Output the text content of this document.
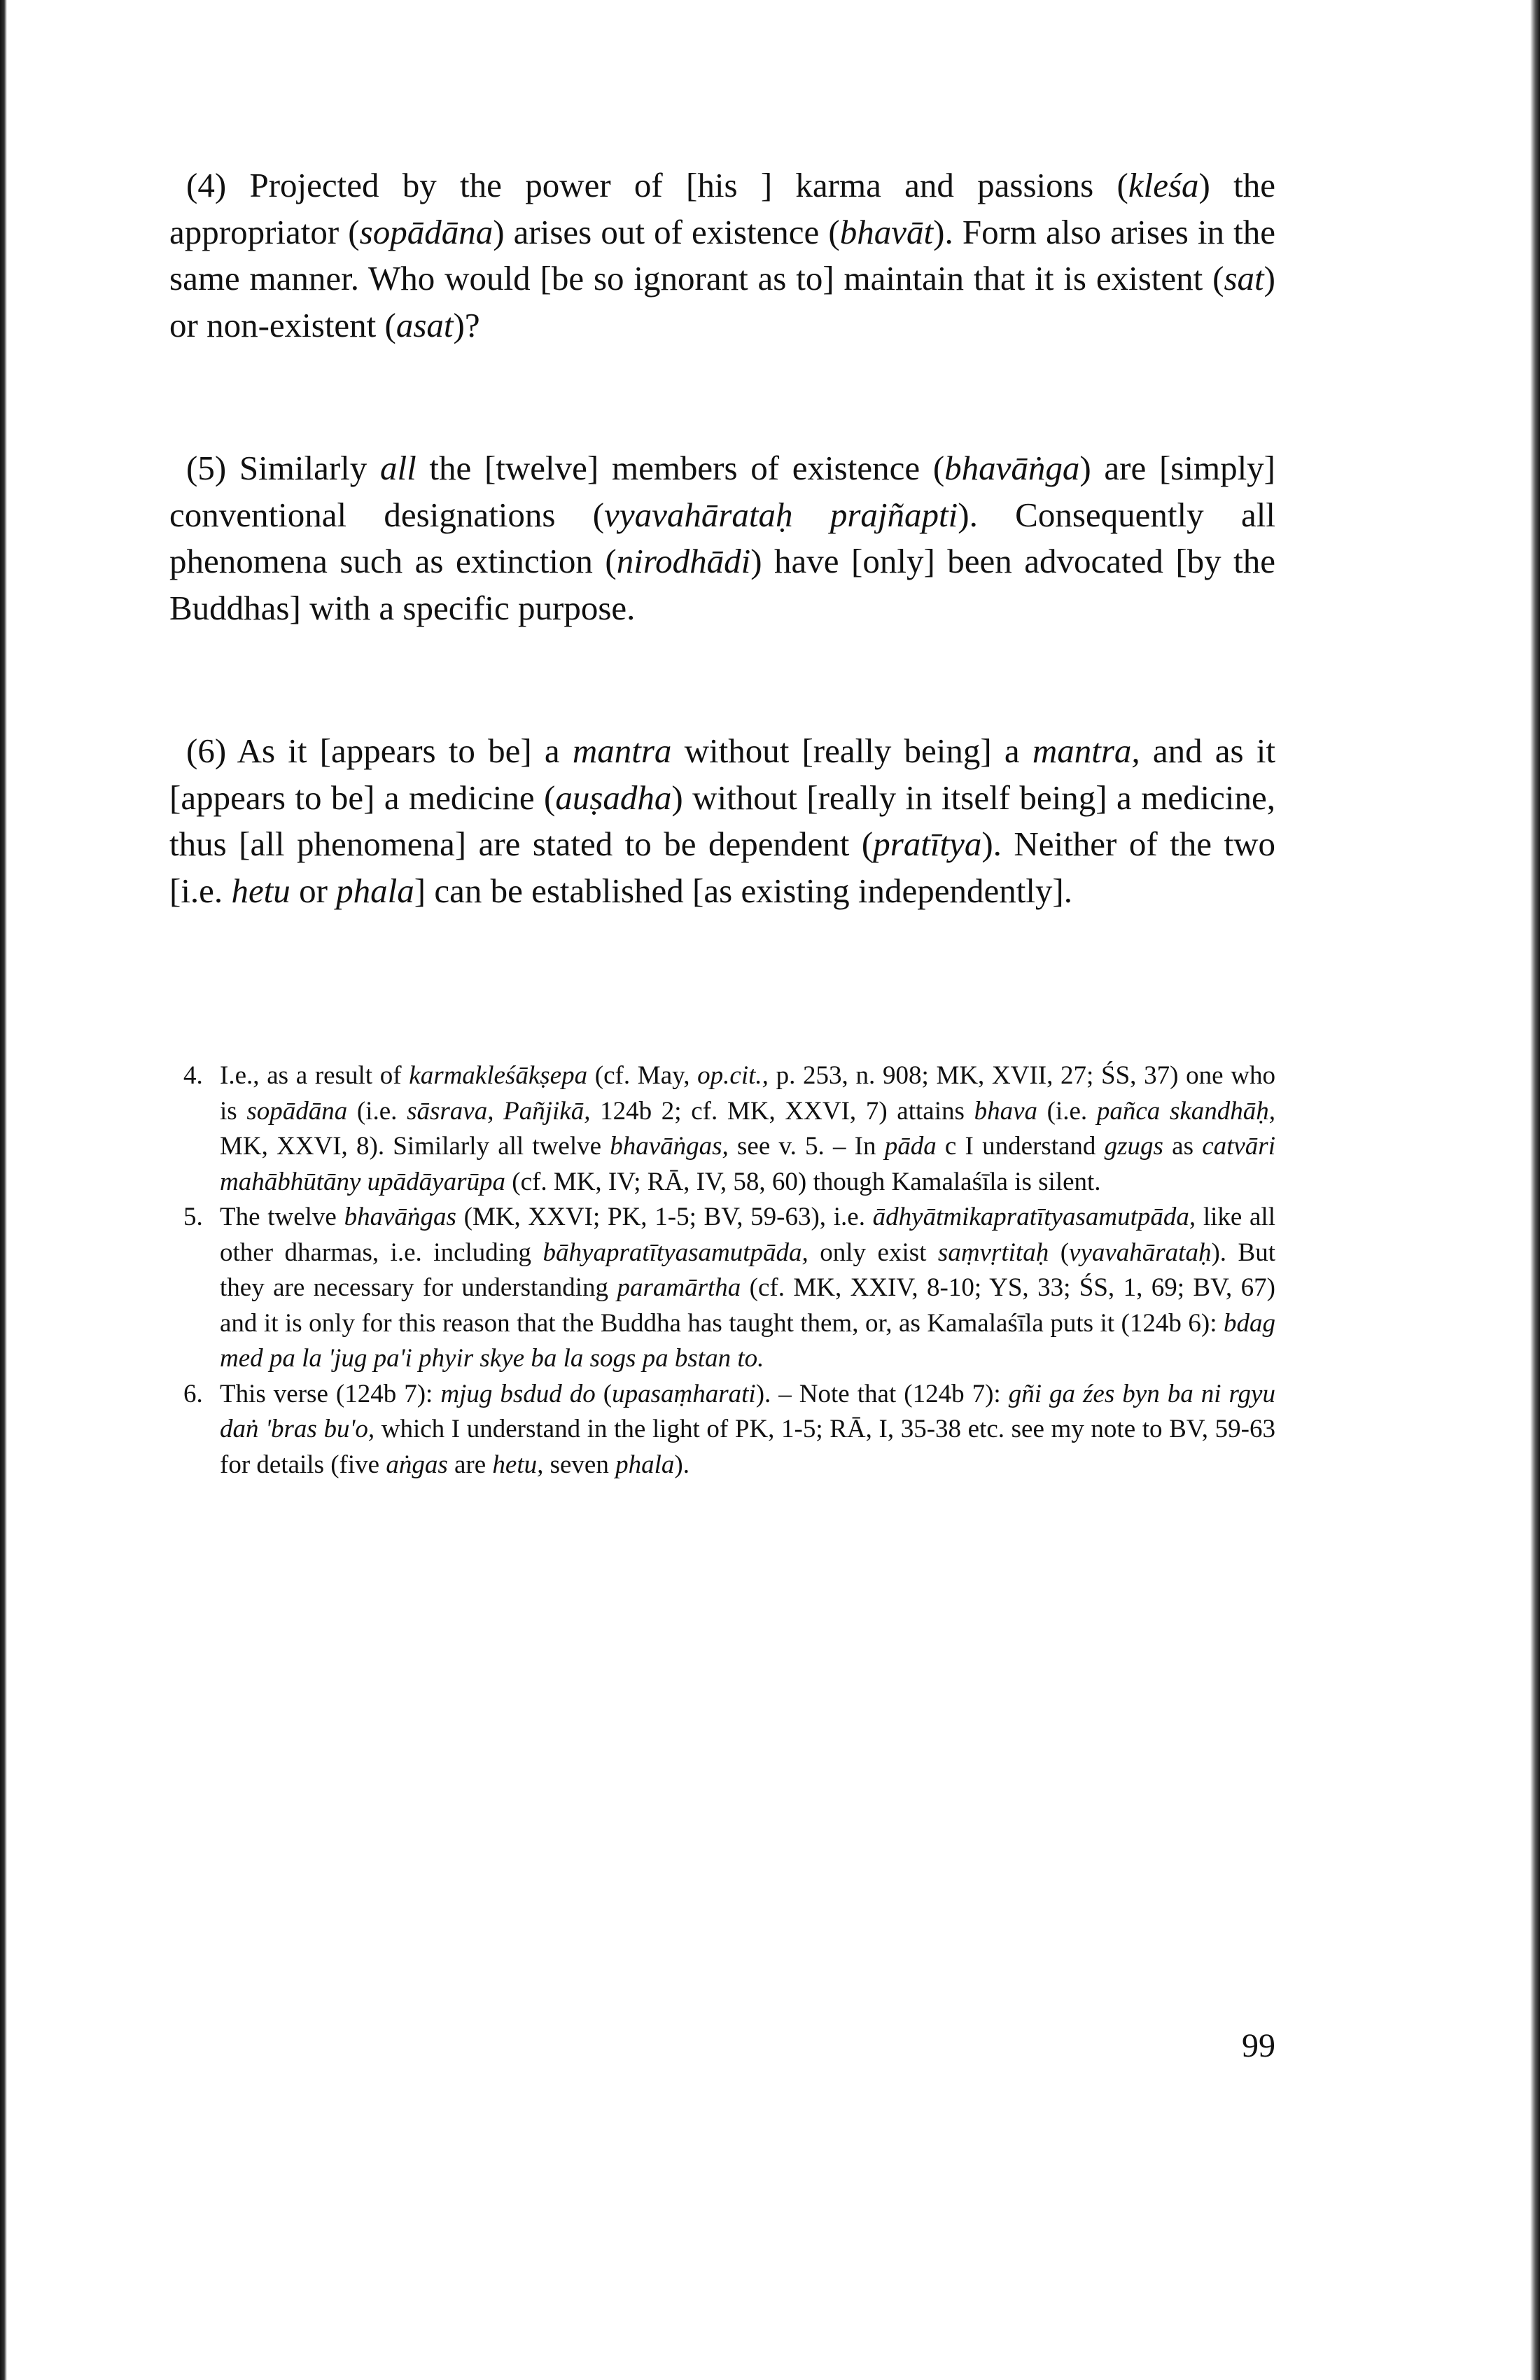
(4) Projected by the power of [his ] karma and passions (kleśa) the appropriator (sopādāna) arises out of existence (bhavāt). Form also arises in the same manner. Who would [be so ignorant as to] maintain that it is existent (sat) or non-existent (asat)?

(5) Similarly all the [twelve] members of existence (bhavāṅga) are [simply] conventional designations (vyavahārataḥ prajñapti). Consequently all phenomena such as extinction (nirodhādi) have [only] been advocated [by the Buddhas] with a specific purpose.

(6) As it [appears to be] a mantra without [really being] a mantra, and as it [appears to be] a medicine (auṣadha) without [really in itself being] a medicine, thus [all phenomena] are stated to be dependent (pratītya). Neither of the two [i.e. hetu or phala] can be established [as existing independently].

4. I.e., as a result of karmakleśākṣepa (cf. May, op.cit., p. 253, n. 908; MK, XVII, 27; ŚS, 37) one who is sopādāna (i.e. sāsrava, Pañjikā, 124b 2; cf. MK, XXVI, 7) attains bhava (i.e. pañca skandhāḥ, MK, XXVI, 8). Similarly all twelve bhavāṅgas, see v. 5. – In pāda c I understand gzugs as catvāri mahābhūtāny upādāyarūpa (cf. MK, IV; RĀ, IV, 58, 60) though Kamalaśīla is silent.
5. The twelve bhavāṅgas (MK, XXVI; PK, 1-5; BV, 59-63), i.e. ādhyātmikapratītyasamutpāda, like all other dharmas, i.e. including bāhyapratītyasamutpāda, only exist saṃvṛtitaḥ (vyavahārataḥ). But they are necessary for understanding paramārtha (cf. MK, XXIV, 8-10; YS, 33; ŚS, 1, 69; BV, 67) and it is only for this reason that the Buddha has taught them, or, as Kamalaśīla puts it (124b 6): bdag med pa la 'jug pa'i phyir skye ba la sogs pa bstan to.
6. This verse (124b 7): mjug bsdud do (upasaṃharati). – Note that (124b 7): gñi ga źes byn ba ni rgyu daṅ 'bras bu'o, which I understand in the light of PK, 1-5; RĀ, I, 35-38 etc. see my note to BV, 59-63 for details (five aṅgas are hetu, seven phala).
99
